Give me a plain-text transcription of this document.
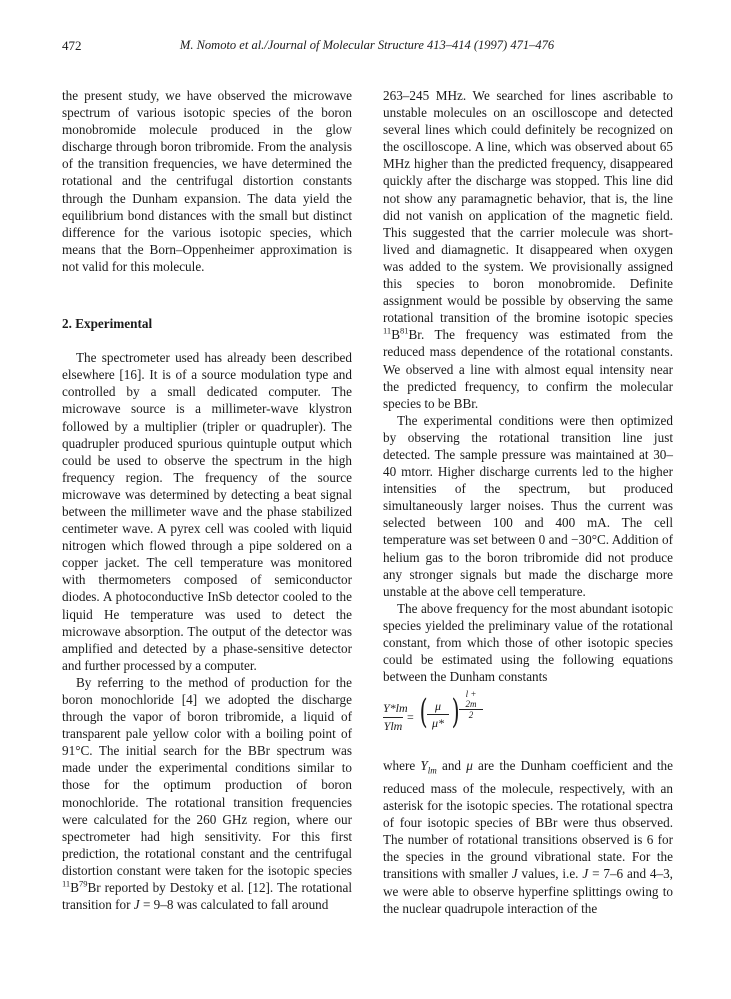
472	M. Nomoto et al./Journal of Molecular Structure 413–414 (1997) 471–476

the present study, we have observed the microwave spectrum of various isotopic species of the boron monobromide molecule produced in the glow discharge through boron tribromide. From the analysis of the transition frequencies, we have determined the rotational and the centrifugal distortion constants through the Dunham expansion. The data yield the equilibrium bond distances with the small but distinct difference for the various isotopic species, which means that the Born–Oppenheimer approximation is not valid for this molecule.

2. Experimental

The spectrometer used has already been described elsewhere [16]. It is of a source modulation type and controlled by a small dedicated computer. The microwave source is a millimeter-wave klystron followed by a multiplier (tripler or quadrupler). The quadrupler produced spurious quintuple output which could be used to observe the spectrum in the high frequency region. The frequency of the source microwave was determined by detecting a beat signal between the millimeter wave and the phase stabilized centimeter wave. A pyrex cell was cooled with liquid nitrogen which flowed through a pipe soldered on a copper jacket. The cell temperature was monitored with thermometers composed of semiconductor diodes. A photoconductive InSb detector cooled to the liquid He temperature was used to detect the microwave absorption. The output of the detector was amplified and detected by a phase-sensitive detector and further processed by a computer.

By referring to the method of production for the boron monochloride [4] we adopted the discharge through the vapor of boron tribromide, a liquid of transparent pale yellow color with a boiling point of 91°C. The initial search for the BBr spectrum was made under the experimental conditions similar to those for the optimum production of boron monochloride. The rotational transition frequencies were calculated for the 260 GHz region, where our spectrometer had high sensitivity. For this first prediction, the rotational constant and the centrifugal distortion constant were taken for the isotopic species $^{11}B^{79}Br$ reported by Destoky et al. [12]. The rotational transition for J = 9–8 was calculated to fall around

263–245 MHz. We searched for lines ascribable to unstable molecules on an oscilloscope and detected several lines which could definitely be recognized on the oscilloscope. A line, which was observed about 65 MHz higher than the predicted frequency, disappeared quickly after the discharge was stopped. This line did not show any paramagnetic behavior, that is, the line did not vanish on application of the magnetic field. This suggested that the carrier molecule was short-lived and diamagnetic. It disappeared when oxygen was added to the system. We provisionally assigned this species to boron monobromide. Definite assignment would be possible by observing the same rotational transition of the bromine isotopic species $^{11}B^{81}Br$. The frequency was estimated from the reduced mass dependence of the rotational constants. We observed a line with almost equal intensity near the predicted frequency, to confirm the molecular species to be BBr.

The experimental conditions were then optimized by observing the rotational transition line just detected. The sample pressure was maintained at 30–40 mtorr. Higher discharge currents led to the higher intensities of the spectrum, but produced simultaneously larger noises. Thus the current was selected between 100 and 400 mA. The cell temperature was set between 0 and −30°C. Addition of helium gas to the boron tribromide did not produce any stronger signals but made the discharge more unstable at the above cell temperature.

The above frequency for the most abundant isotopic species yielded the preliminary value of the rotational constant, from which those of other isotopic species could be estimated using the following equations between the Dunham constants

Y*lm
Ylm
= ( μ
μ* ) l + 2m
2

where $Y_{lm}$ and μ are the Dunham coefficient and the reduced mass of the molecule, respectively, with an asterisk for the isotopic species. The rotational spectra of four isotopic species of BBr were thus observed. The number of rotational transitions observed is 6 for the species in the ground vibrational state. For the transitions with smaller J values, i.e. J = 7–6 and 4–3, we were able to observe hyperfine splittings owing to the nuclear quadrupole interaction of the
